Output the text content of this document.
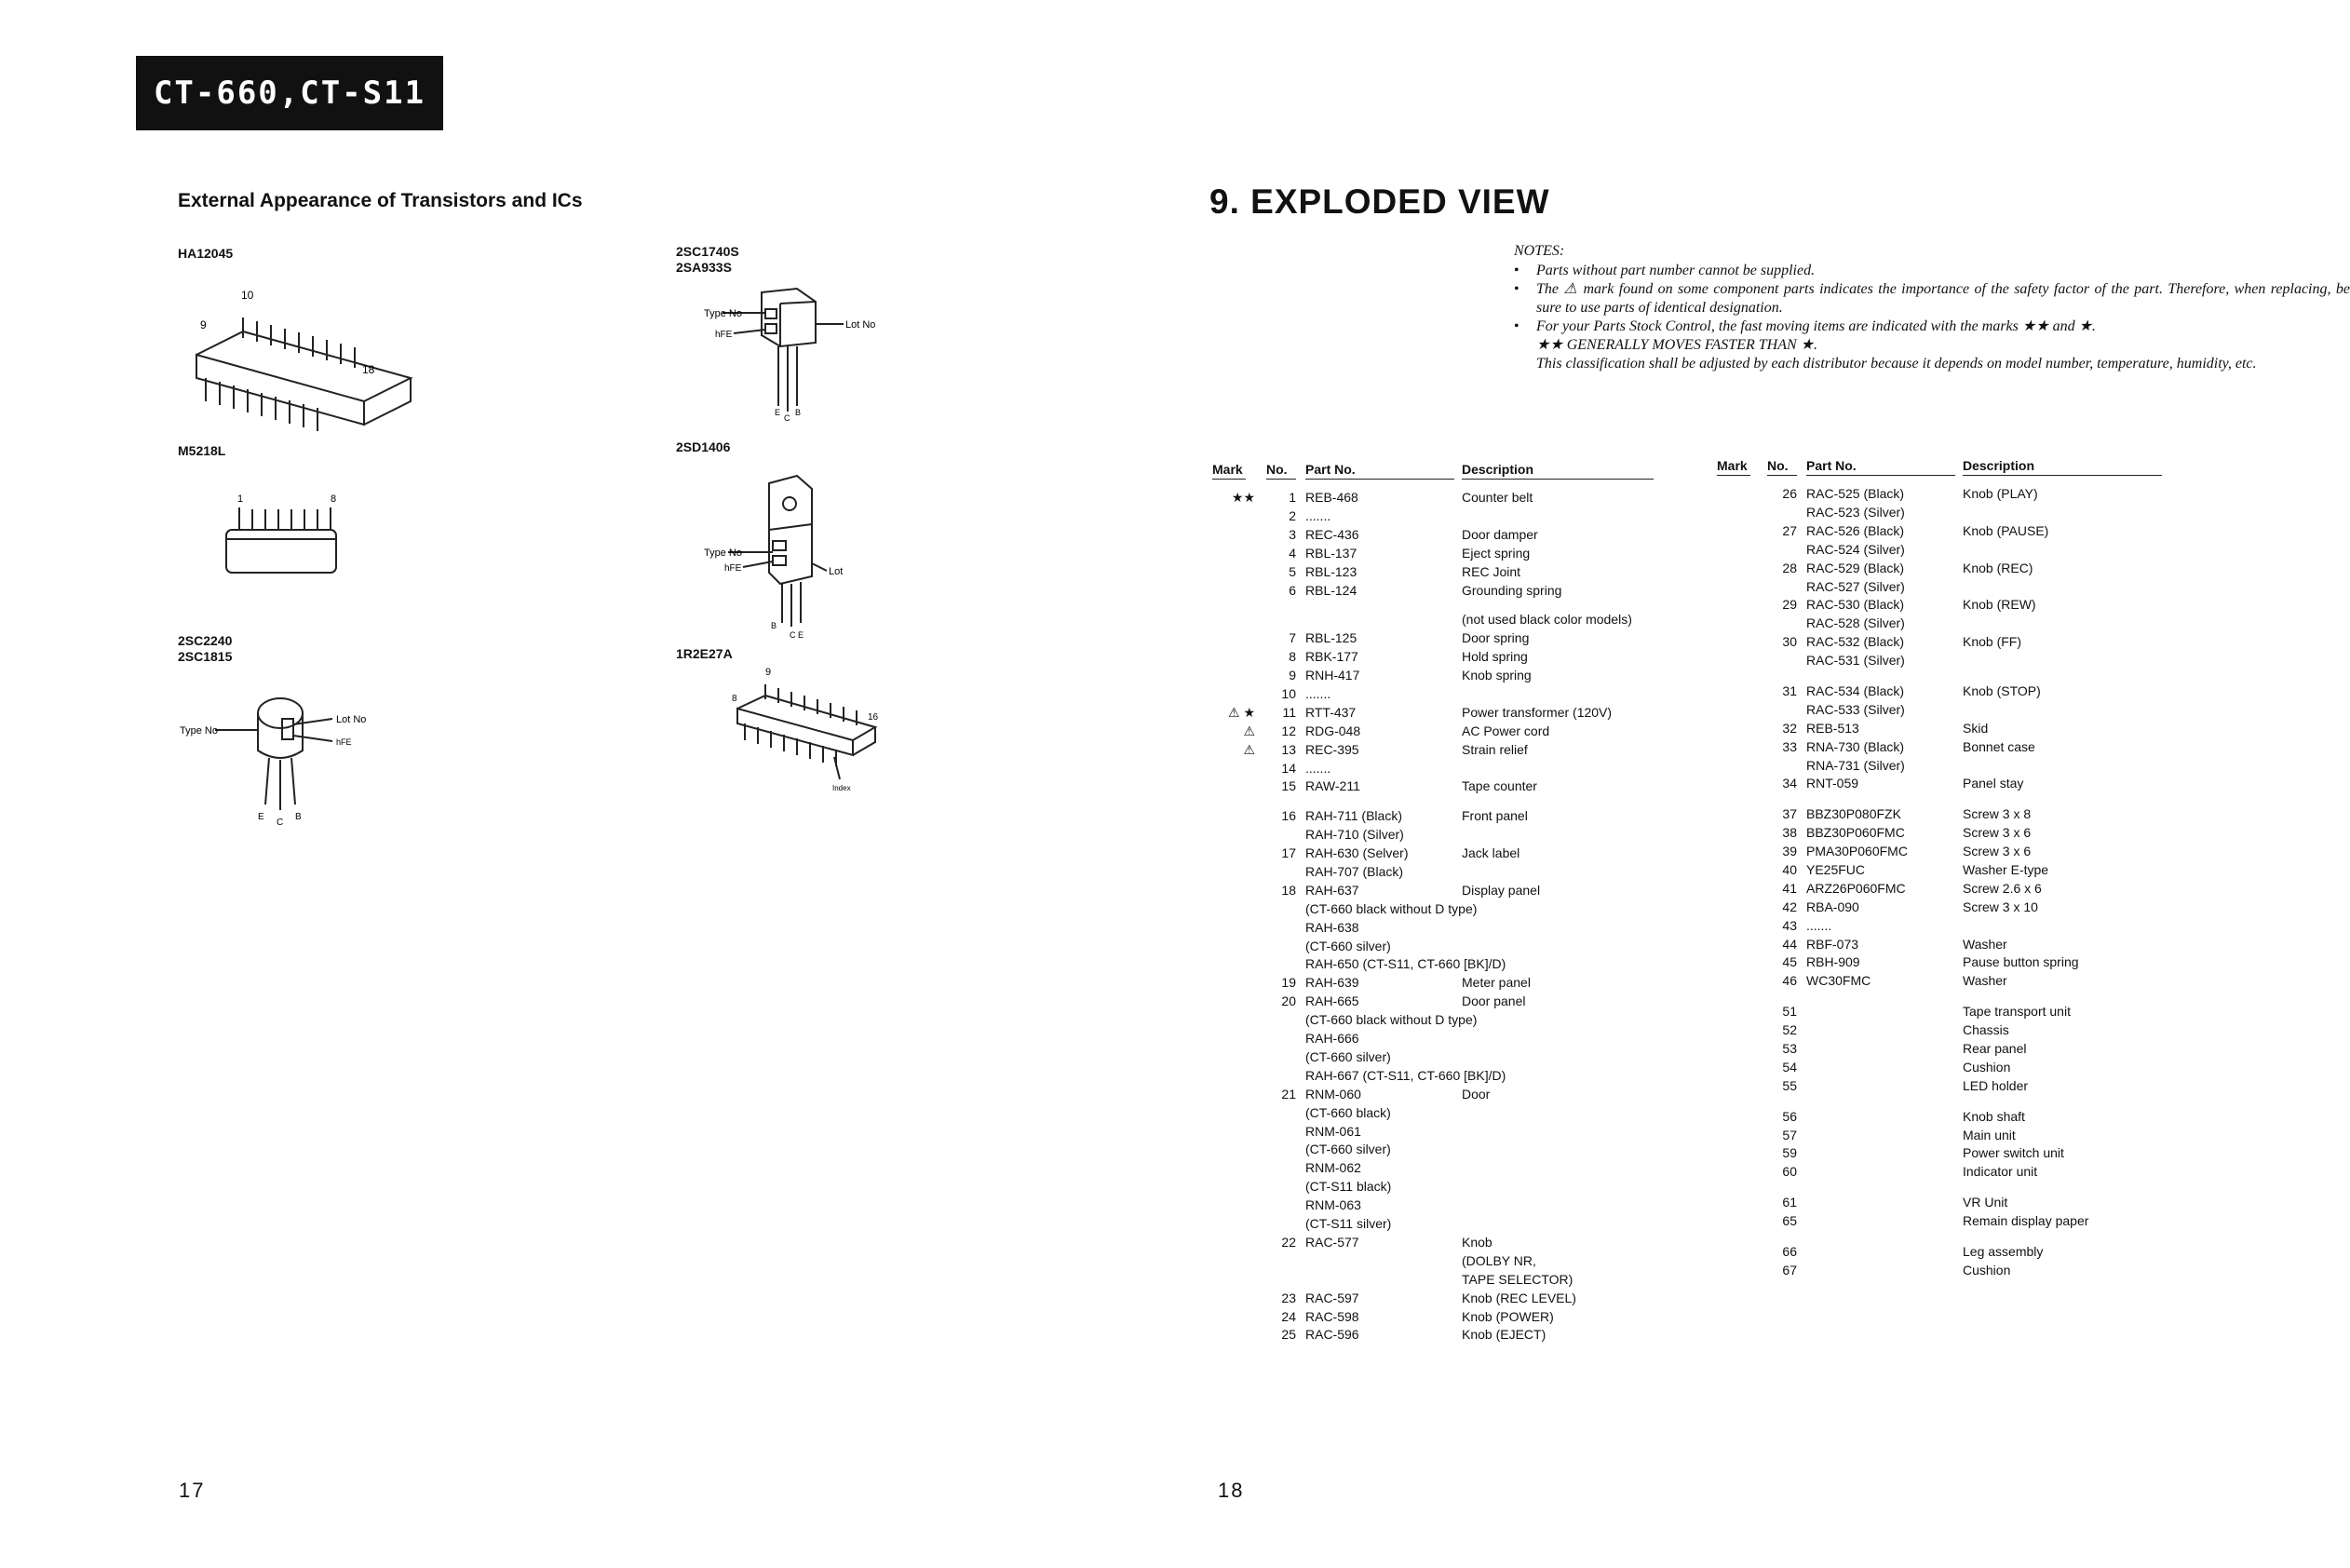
CT-660,CT-S11
External Appearance of Transistors and ICs
HA12045
10
9
18
M5218L
1	8
2SC2240
2SC1815
Type No
Lot No
hFE
E
C
B
2SC1740S
2SA933S
Type No
Lot No
hFE
E
C
B
2SD1406
Type No
hFE	Lot
B
C E
1R2E27A
9
8
16
Index
17
9. EXPLODED VIEW
NOTES:
• Parts without part number cannot be supplied.
• The ⚠ mark found on some component parts indicates the importance of the safety factor of the part. Therefore, when replacing, be sure to use parts of identical designation.
• For your Parts Stock Control, the fast moving items are indicated with the marks ★★ and ★.
★★ GENERALLY MOVES FASTER THAN ★.
This classification shall be adjusted by each distributor because it depends on model number, temperature, humidity, etc.
Mark No.	Part No.	Description
★★	1 REB-468	Counter belt
2 .......
3 REC-436	Door damper
4 RBL-137	Eject spring
5 RBL-123	REC Joint
6 RBL-124	Grounding spring
(not used black color models)
7 RBL-125	Door spring
8 RBK-177	Hold spring
9 RNH-417	Knob spring
10 .......
⚠ ★	11 RTT-437	Power transformer (120V)
⚠	12 RDG-048	AC Power cord
⚠	13 REC-395	Strain relief
14 .......
15 RAW-211	Tape counter
16 RAH-711 (Black)	Front panel
RAH-710 (Silver)
17 RAH-630 (Selver)	Jack label
RAH-707 (Black)
18 RAH-637	Display panel
(CT-660 black without D type)
RAH-638
(CT-660 silver)
RAH-650 (CT-S11, CT-660 [BK]/D)
19 RAH-639	Meter panel
20 RAH-665	Door panel
(CT-660 black without D type)
RAH-666
(CT-660 silver)
RAH-667 (CT-S11, CT-660 [BK]/D)
21 RNM-060	Door
(CT-660 black)
RNM-061
(CT-660 silver)
RNM-062
(CT-S11 black)
RNM-063
(CT-S11 silver)
22 RAC-577	Knob
(DOLBY NR,
TAPE SELECTOR)
23 RAC-597	Knob (REC LEVEL)
24 RAC-598	Knob (POWER)
25 RAC-596	Knob (EJECT)
Mark No.	Part No.	Description
26 RAC-525 (Black)	Knob (PLAY)
RAC-523 (Silver)
27 RAC-526 (Black)	Knob (PAUSE)
RAC-524 (Silver)
28 RAC-529 (Black)	Knob (REC)
RAC-527 (Silver)
29 RAC-530 (Black)	Knob (REW)
RAC-528 (Silver)
30 RAC-532 (Black)	Knob (FF)
RAC-531 (Silver)
31 RAC-534 (Black)	Knob (STOP)
RAC-533 (Silver)
32 REB-513	Skid
33 RNA-730 (Black)	Bonnet case
RNA-731 (Silver)
34 RNT-059	Panel stay
37 BBZ30P080FZK	Screw 3 x 8
38 BBZ30P060FMC	Screw 3 x 6
39 PMA30P060FMC	Screw 3 x 6
40 YE25FUC	Washer E-type
41 ARZ26P060FMC	Screw 2.6 x 6
42 RBA-090	Screw 3 x 10
43 .......
44 RBF-073	Washer
45 RBH-909	Pause button spring
46 WC30FMC	Washer
51	Tape transport unit
52	Chassis
53	Rear panel
54	Cushion
55	LED holder
56	Knob shaft
57	Main unit
59	Power switch unit
60	Indicator unit
61	VR Unit
65	Remain display paper
66	Leg assembly
67	Cushion
18
